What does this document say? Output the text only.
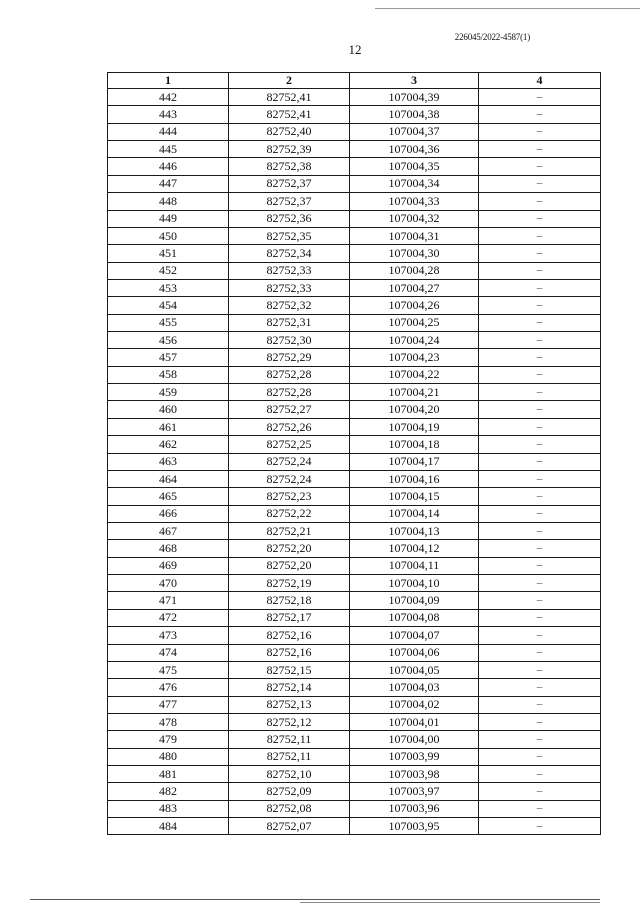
226045/2022-4587(1)
12
1	2	3	4
442	82752,41	107004,39	–
443	82752,41	107004,38	–
444	82752,40	107004,37	–
445	82752,39	107004,36	–
446	82752,38	107004,35	–
447	82752,37	107004,34	–
448	82752,37	107004,33	–
449	82752,36	107004,32	–
450	82752,35	107004,31	–
451	82752,34	107004,30	–
452	82752,33	107004,28	–
453	82752,33	107004,27	–
454	82752,32	107004,26	–
455	82752,31	107004,25	–
456	82752,30	107004,24	–
457	82752,29	107004,23	–
458	82752,28	107004,22	–
459	82752,28	107004,21	–
460	82752,27	107004,20	–
461	82752,26	107004,19	–
462	82752,25	107004,18	–
463	82752,24	107004,17	–
464	82752,24	107004,16	–
465	82752,23	107004,15	–
466	82752,22	107004,14	–
467	82752,21	107004,13	–
468	82752,20	107004,12	–
469	82752,20	107004,11	–
470	82752,19	107004,10	–
471	82752,18	107004,09	–
472	82752,17	107004,08	–
473	82752,16	107004,07	–
474	82752,16	107004,06	–
475	82752,15	107004,05	–
476	82752,14	107004,03	–
477	82752,13	107004,02	–
478	82752,12	107004,01	–
479	82752,11	107004,00	–
480	82752,11	107003,99	–
481	82752,10	107003,98	–
482	82752,09	107003,97	–
483	82752,08	107003,96	–
484	82752,07	107003,95	–
